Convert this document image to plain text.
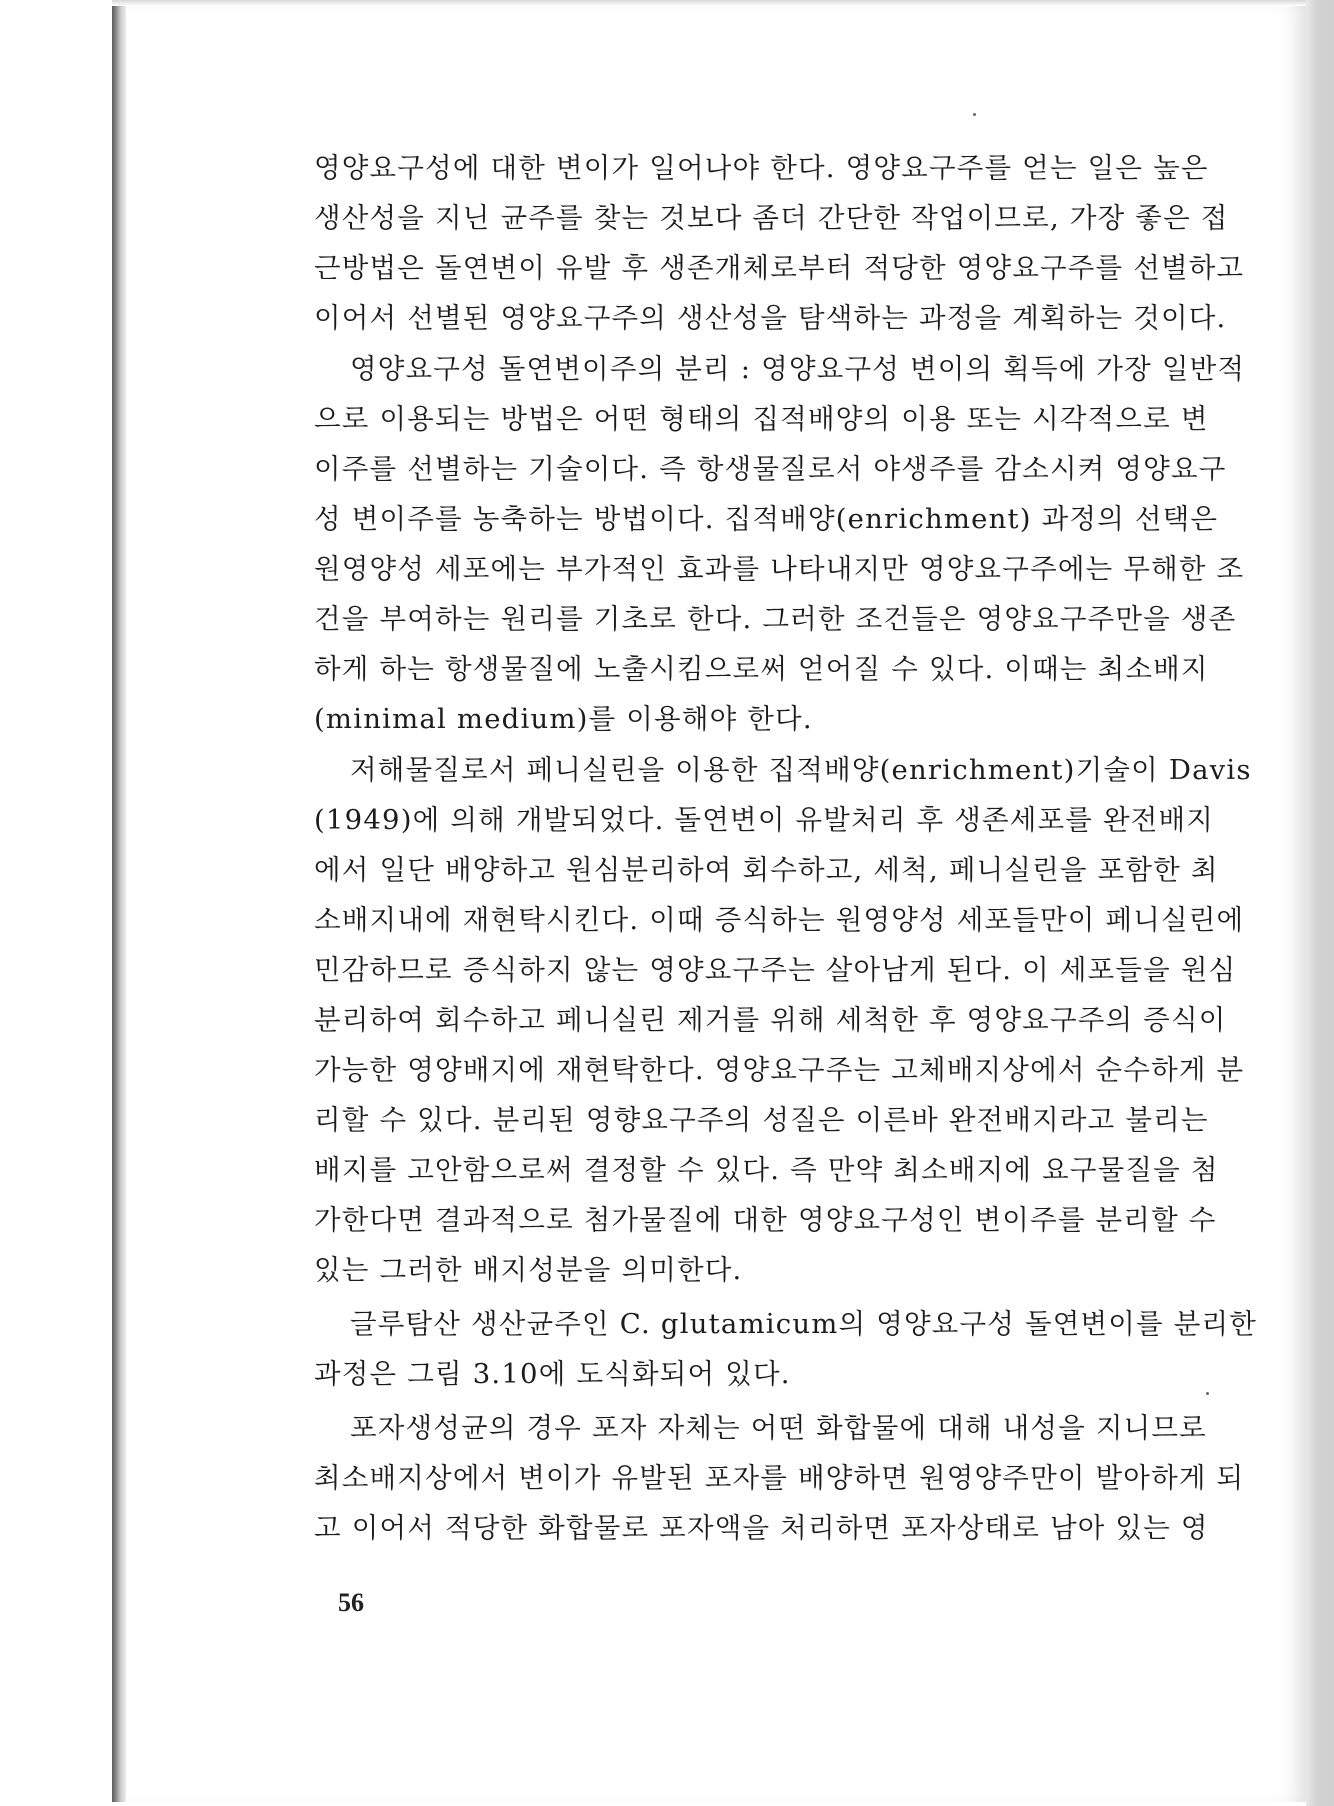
영양요구성에 대한 변이가 일어나야 한다. 영양요구주를 얻는 일은 높은
생산성을 지닌 균주를 찾는 것보다 좀더 간단한 작업이므로, 가장 좋은 접
근방법은 돌연변이 유발 후 생존개체로부터 적당한 영양요구주를 선별하고
이어서 선별된 영양요구주의 생산성을 탐색하는 과정을 계획하는 것이다.
영양요구성 돌연변이주의 분리 : 영양요구성 변이의 획득에 가장 일반적
으로 이용되는 방법은 어떤 형태의 집적배양의 이용 또는 시각적으로 변
이주를 선별하는 기술이다. 즉 항생물질로서 야생주를 감소시켜 영양요구
성 변이주를 농축하는 방법이다. 집적배양(enrichment) 과정의 선택은
원영양성 세포에는 부가적인 효과를 나타내지만 영양요구주에는 무해한 조
건을 부여하는 원리를 기초로 한다. 그러한 조건들은 영양요구주만을 생존
하게 하는 항생물질에 노출시킴으로써 얻어질 수 있다. 이때는 최소배지
(minimal medium)를 이용해야 한다.
저해물질로서 페니실린을 이용한 집적배양(enrichment)기술이 Davis
(1949)에 의해 개발되었다. 돌연변이 유발처리 후 생존세포를 완전배지
에서 일단 배양하고 원심분리하여 회수하고, 세척, 페니실린을 포함한 최
소배지내에 재현탁시킨다. 이때 증식하는 원영양성 세포들만이 페니실린에
민감하므로 증식하지 않는 영양요구주는 살아남게 된다. 이 세포들을 원심
분리하여 회수하고 페니실린 제거를 위해 세척한 후 영양요구주의 증식이
가능한 영양배지에 재현탁한다. 영양요구주는 고체배지상에서 순수하게 분
리할 수 있다. 분리된 영향요구주의 성질은 이른바 완전배지라고 불리는
배지를 고안함으로써 결정할 수 있다. 즉 만약 최소배지에 요구물질을 첨
가한다면 결과적으로 첨가물질에 대한 영양요구성인 변이주를 분리할 수
있는 그러한 배지성분을 의미한다.
글루탐산 생산균주인 C. glutamicum의 영양요구성 돌연변이를 분리한
과정은 그림 3.10에 도식화되어 있다.
포자생성균의 경우 포자 자체는 어떤 화합물에 대해 내성을 지니므로
최소배지상에서 변이가 유발된 포자를 배양하면 원영양주만이 발아하게 되
고 이어서 적당한 화합물로 포자액을 처리하면 포자상태로 남아 있는 영
56
